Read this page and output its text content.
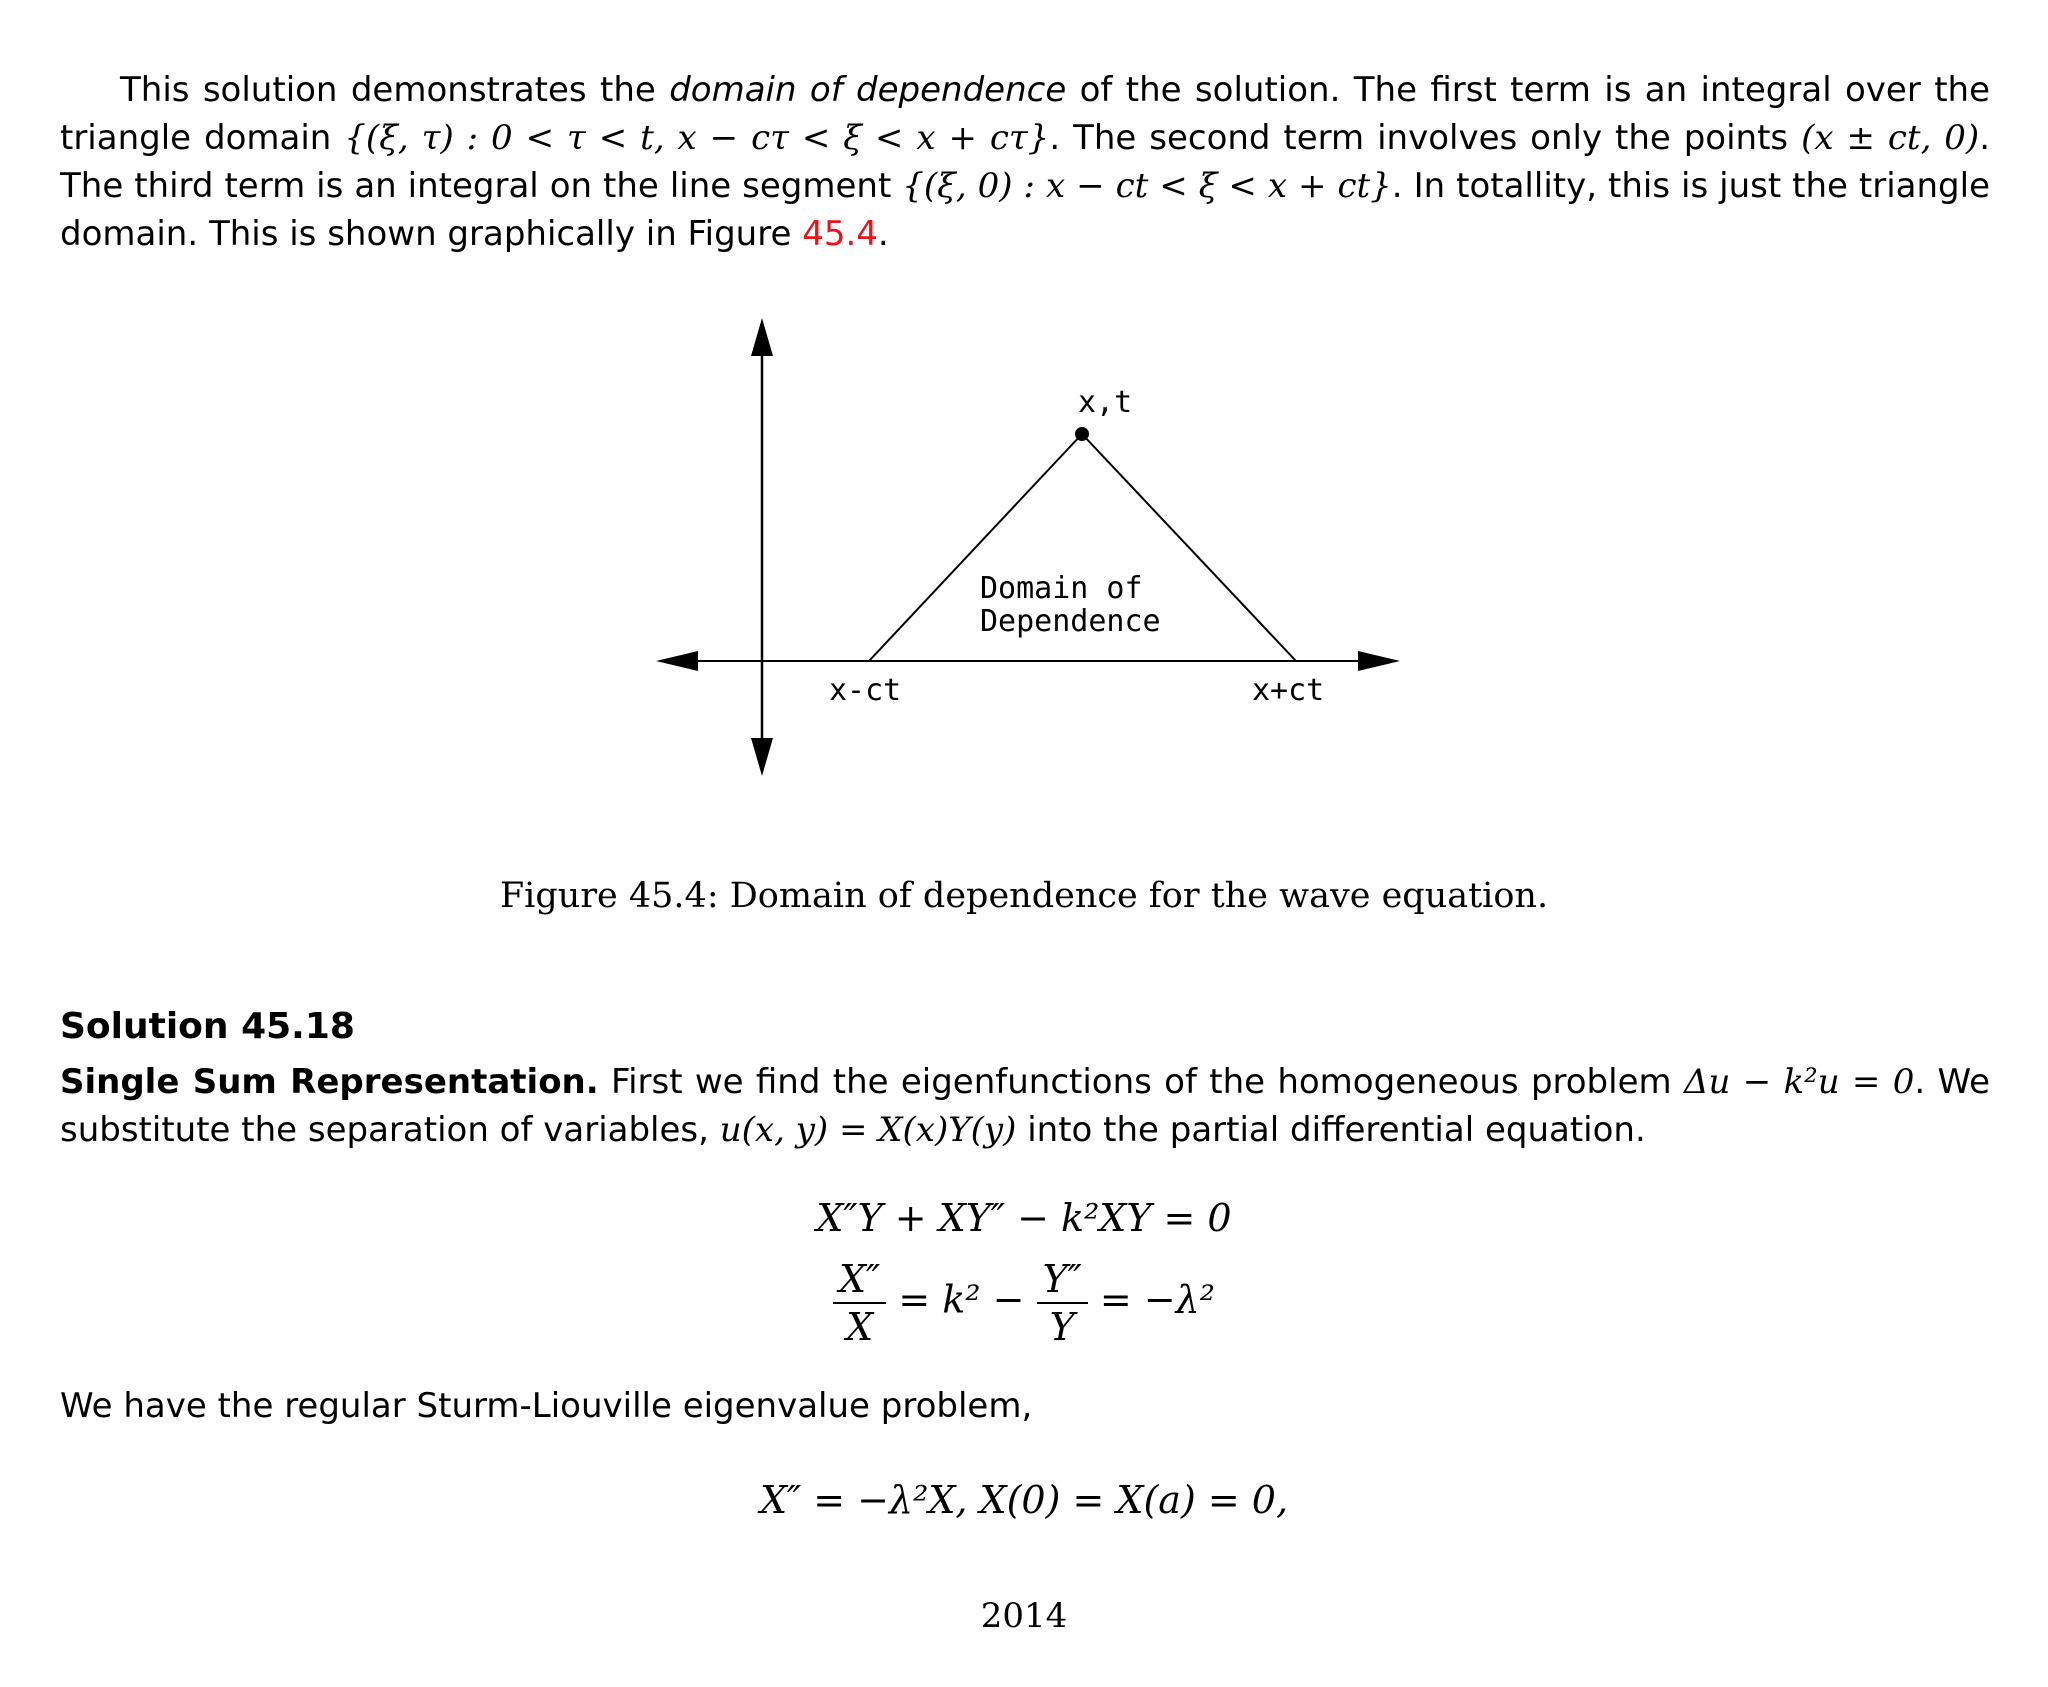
This solution demonstrates the domain of dependence of the solution. The first term is an integral over the triangle domain {(ξ, τ) : 0 < τ < t, x − cτ < ξ < x + cτ}. The second term involves only the points (x ± ct, 0). The third term is an integral on the line segment {(ξ, 0) : x − ct < ξ < x + ct}. In totallity, this is just the triangle domain. This is shown graphically in Figure 45.4.
x,t
Domain of
Dependence
x-ct	x+ct
Figure 45.4: Domain of dependence for the wave equation.
Solution 45.18
Single Sum Representation. First we find the eigenfunctions of the homogeneous problem Δu − k²u = 0. We substitute the separation of variables, u(x, y) = X(x)Y(y) into the partial differential equation.
X″Y + XY″ − k²XY = 0
$\frac{X''}{X} = k^2 - \frac{Y''}{Y} = -\lambda^2$
We have the regular Sturm-Liouville eigenvalue problem,
X″ = −λ²X, X(0) = X(a) = 0,
2014
